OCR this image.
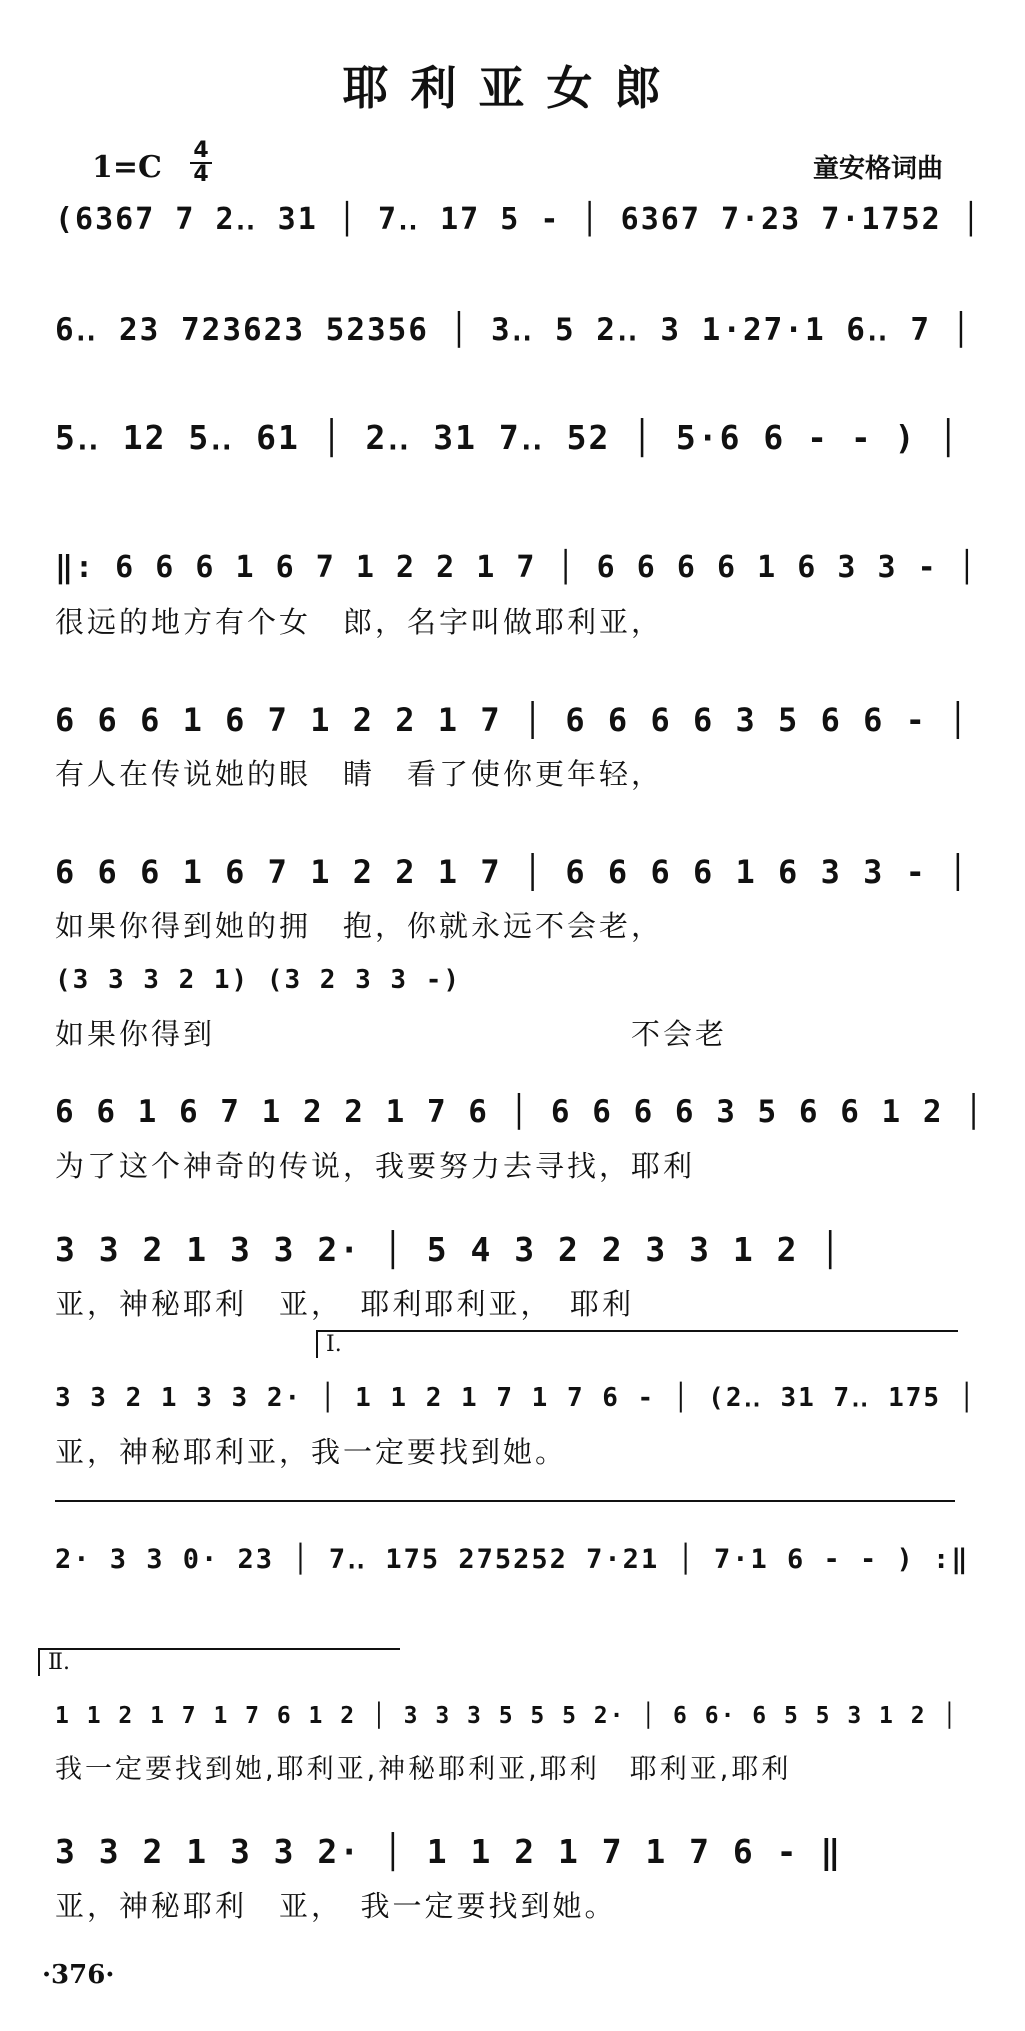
耶利亚女郎
1=C 4
4	童安格词曲
(6367 7 2‥ 31 │ 7‥ 17 5 - │ 6367 7·23 7·1752 │
6‥ 23 723623 52356 │ 3‥ 5 2‥ 3 1·27·1 6‥ 7 │
5‥ 12 5‥ 61 │ 2‥ 31 7‥ 52 │ 5·6 6 - - ) │
‖: 6 6 6 1 6 7 1 2 2 1 7 │ 6 6 6 6 1 6 3 3 - │
很远的地方有个女　郎，名字叫做耶利亚，
6 6 6 1 6 7 1 2 2 1 7 │ 6 6 6 6 3 5 6 6 - │
有人在传说她的眼　睛　看了使你更年轻，
6 6 6 1 6 7 1 2 2 1 7 │ 6 6 6 6 1 6 3 3 - │
如果你得到她的拥　抱，你就永远不会老，
(3 3 3 2 1) (3 2 3 3 -)
如果你得到　　　　　　　　　　　　　不会老
6 6 1 6 7 1 2 2 1 7 6 │ 6 6 6 6 3 5 6 6 1 2 │
为了这个神奇的传说，我要努力去寻找，耶利
3 3 2 1 3 3 2· │ 5 4 3 2 2 3 3 1 2 │
亚，神秘耶利　亚，　耶利耶利亚，　耶利
Ⅰ.
3 3 2 1 3 3 2· │ 1 1 2 1 7 1 7 6 - │ (2‥ 31 7‥ 175 │
亚，神秘耶利亚，我一定要找到她。
2· 3 3 0· 23 │ 7‥ 175 275252 7·21 │ 7·1 6 - - ) :‖
Ⅱ.
1 1 2 1 7 1 7 6 1 2 │ 3 3 3 5 5 5 2· │ 6 6· 6 5 5 3 1 2 │
我一定要找到她,耶利亚,神秘耶利亚,耶利　耶利亚,耶利
3 3 2 1 3 3 2· │ 1 1 2 1 7 1 7 6 - ‖
亚，神秘耶利　亚，　我一定要找到她。
·376·
